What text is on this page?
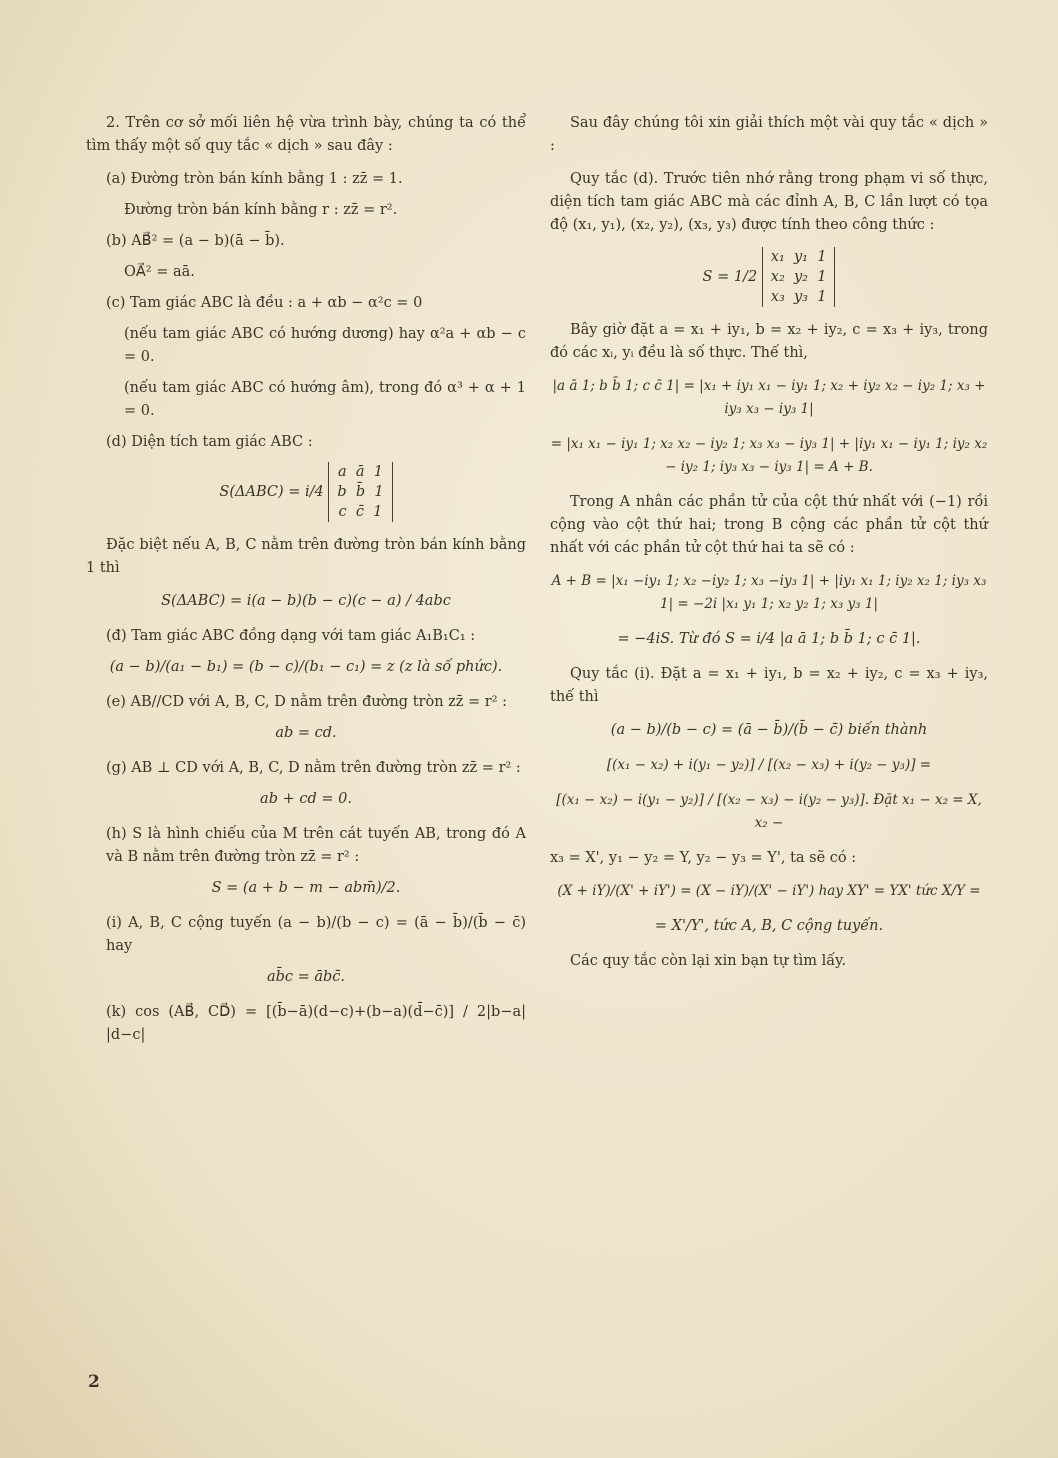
2. Trên cơ sở mối liên hệ vừa trình bày, chúng ta có thể tìm thấy một số quy tắc « dịch » sau đây :

(a) Đường tròn bán kính bằng 1 : zz̄ = 1.

Đường tròn bán kính bằng r : zz̄ = r².

(b) AB⃗² = (a − b)(ā − b̄).

OA⃗² = aā.

(c) Tam giác ABC là đều : a + αb − α²c = 0

(nếu tam giác ABC có hướng dương) hay α²a + αb − c = 0.

(nếu tam giác ABC có hướng âm), trong đó α³ + α + 1 = 0.

(d) Diện tích tam giác ABC :

S(ΔABC) = i/4
a  ā  1
b  b̄  1
c  c̄  1

Đặc biệt nếu A, B, C nằm trên đường tròn bán kính bằng 1 thì

S(ΔABC) = i(a − b)(b − c)(c − a) / 4abc

(đ) Tam giác ABC đồng dạng với tam giác A₁B₁C₁ :

(a − b)/(a₁ − b₁) = (b − c)/(b₁ − c₁) = z (z là số phức).

(e) AB//CD với A, B, C, D nằm trên đường tròn zz̄ = r² :

ab = cd.

(g) AB ⊥ CD với A, B, C, D nằm trên đường tròn zz̄ = r² :

ab + cd = 0.

(h) S là hình chiếu của M trên cát tuyến AB, trong đó A và B nằm trên đường tròn zz̄ = r² :

S = (a + b − m − abm̄)/2.

(i) A, B, C cộng tuyến (a − b)/(b − c) = (ā − b̄)/(b̄ − c̄) hay

ab̄c = ābc̄.

(k) cos (AB⃗, CD⃗) = [(b̄−ā)(d−c)+(b−a)(d̄−c̄)] / 2|b−a| |d−c|

Sau đây chúng tôi xin giải thích một vài quy tắc « dịch » :

Quy tắc (d). Trước tiên nhớ rằng trong phạm vi số thực, diện tích tam giác ABC mà các đỉnh A, B, C lần lượt có tọa độ (x₁, y₁), (x₂, y₂), (x₃, y₃) được tính theo công thức :

S = 1/2
x₁  y₁  1
x₂  y₂  1
x₃  y₃  1

Bây giờ đặt a = x₁ + iy₁, b = x₂ + iy₂, c = x₃ + iy₃, trong đó các xᵢ, yᵢ đều là số thực. Thế thì,

|a ā 1; b b̄ 1; c c̄ 1| = |x₁ + iy₁ x₁ − iy₁ 1; x₂ + iy₂ x₂ − iy₂ 1; x₃ + iy₃ x₃ − iy₃ 1|
= |x₁ x₁ − iy₁ 1; x₂ x₂ − iy₂ 1; x₃ x₃ − iy₃ 1| + |iy₁ x₁ − iy₁ 1; iy₂ x₂ − iy₂ 1; iy₃ x₃ − iy₃ 1| = A + B.

Trong A nhân các phần tử của cột thứ nhất với (−1) rồi cộng vào cột thứ hai; trong B cộng các phần tử cột thứ nhất với các phần tử cột thứ hai ta sẽ có :

A + B = |x₁ −iy₁ 1; x₂ −iy₂ 1; x₃ −iy₃ 1| + |iy₁ x₁ 1; iy₂ x₂ 1; iy₃ x₃ 1| = −2i |x₁ y₁ 1; x₂ y₂ 1; x₃ y₃ 1|
= −4iS. Từ đó S = i/4 |a ā 1; b b̄ 1; c c̄ 1|.

Quy tắc (i). Đặt a = x₁ + iy₁, b = x₂ + iy₂, c = x₃ + iy₃, thế thì

(a − b)/(b − c) = (ā − b̄)/(b̄ − c̄) biến thành
[(x₁ − x₂) + i(y₁ − y₂)] / [(x₂ − x₃) + i(y₂ − y₃)] =
[(x₁ − x₂) − i(y₁ − y₂)] / [(x₂ − x₃) − i(y₂ − y₃)]. Đặt x₁ − x₂ = X, x₂ −

x₃ = X', y₁ − y₂ = Y, y₂ − y₃ = Y', ta sẽ có :

(X + iY)/(X' + iY') = (X − iY)/(X' − iY') hay XY' = YX' tức X/Y =
= X'/Y', tức A, B, C cộng tuyến.

Các quy tắc còn lại xin bạn tự tìm lấy.

2
